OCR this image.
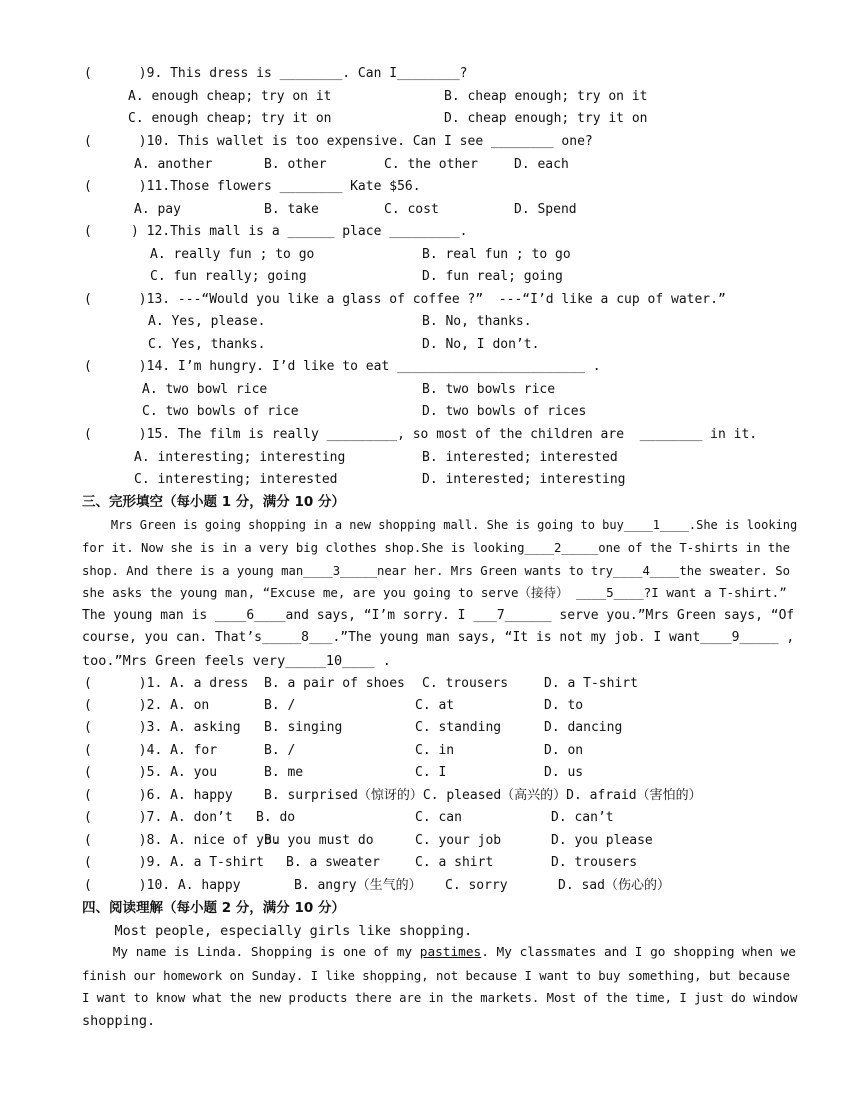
(      )9. This dress is ________. Can I________?
A. enough cheap; try on it	B. cheap enough; try on it
C. enough cheap; try it on	D. cheap enough; try it on
(      )10. This wallet is too expensive. Can I see ________ one?
A. another	B. other	C. the other	D. each
(      )11.Those flowers ________ Kate $56.
A. pay	B. take	C. cost	D. Spend
(     ) 12.This mall is a ______ place _________.
A. really fun ; to go	B. real fun ; to go
C. fun really; going	D. fun real; going
(      )13. ---“Would you like a glass of coffee ?”  ---“I’d like a cup of water.”
A. Yes, please.	B. No, thanks.
C. Yes, thanks.	D. No, I don’t.
(      )14. I’m hungry. I’d like to eat ________________________ .
A. two bowl rice	B. two bowls rice
C. two bowls of rice	D. two bowls of rices
(      )15. The film is really _________, so most of the children are  ________ in it.
A. interesting; interesting	B. interested; interested
C. interesting; interested	D. interested; interesting
三、完形填空（每小题 1 分，满分 10 分）
Mrs Green is going shopping in a new shopping mall. She is going to buy____1____.She is looking
for it. Now she is in a very big clothes shop.She is looking____2_____one of the T-shirts in the
shop. And there is a young man____3_____near her. Mrs Green wants to try____4____the sweater. So
she asks the young man, “Excuse me, are you going to serve（接待） ____5____?I want a T-shirt.”
The young man is ____6____and says, “I’m sorry. I ___7______ serve you.”Mrs Green says, “Of
course, you can. That’s_____8___.”The young man says, “It is not my job. I want____9_____ ,
too.”Mrs Green feels very_____10____ .
(      )1. A. a dress B. a pair of shoes C. trousers	D. a T-shirt
(      )2. A. on	B. /	C. at	D. to
(      )3. A. asking B. singing	C. standing	D. dancing
(      )4. A. for	B. /	C. in	D. on
(      )5. A. you	B. me	C. I	D. us
(      )6. A. happy B. surprised（惊讶的）C. pleased（高兴的）D. afraid（害怕的）
(      )7. A. don’t B. do	C. can	D. can’t
(      )8. A. nice of you
B. you must do	C. your job	D. you please
(      )9. A. a T-shirt B. a sweater	C. a shirt	D. trousers
(      )10. A. happy	B. angry（生气的） C. sorry	D. sad（伤心的）
四、阅读理解（每小题 2 分，满分 10 分）
Most people, especially girls like shopping.
My name is Linda. Shopping is one of my pastimes. My classmates and I go shopping when we
finish our homework on Sunday. I like shopping, not because I want to buy something, but because
I want to know what the new products there are in the markets. Most of the time, I just do window
shopping.
